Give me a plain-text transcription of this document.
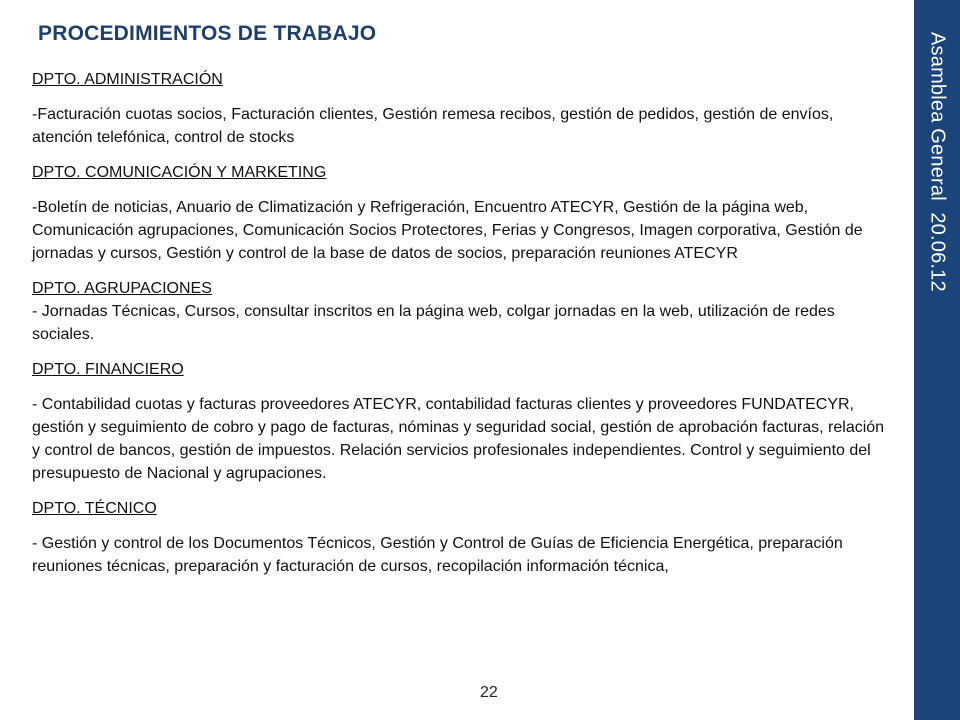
PROCEDIMIENTOS DE TRABAJO

DPTO. ADMINISTRACIÓN

-Facturación cuotas socios, Facturación clientes, Gestión remesa recibos, gestión de pedidos, gestión de envíos, atención telefónica, control de stocks

DPTO. COMUNICACIÓN Y MARKETING

-Boletín de noticias, Anuario de Climatización y Refrigeración, Encuentro ATECYR, Gestión de la página web, Comunicación agrupaciones, Comunicación Socios Protectores, Ferias y Congresos, Imagen corporativa, Gestión de jornadas y cursos, Gestión y control de la base de datos de socios, preparación reuniones ATECYR

DPTO. AGRUPACIONES

- Jornadas Técnicas, Cursos, consultar inscritos en la página web, colgar jornadas en la web, utilización de redes sociales.

DPTO. FINANCIERO

- Contabilidad cuotas y facturas proveedores ATECYR, contabilidad facturas clientes y proveedores FUNDATECYR, gestión y seguimiento de cobro y pago de facturas, nóminas y seguridad social, gestión de aprobación facturas, relación y control de bancos, gestión de impuestos. Relación servicios profesionales independientes. Control y seguimiento del presupuesto de Nacional y agrupaciones.

DPTO. TÉCNICO

- Gestión y control de los Documentos Técnicos, Gestión y Control de Guías de Eficiencia Energética, preparación reuniones técnicas, preparación y facturación de cursos, recopilación información técnica,

22
Asamblea General  20.06.12
